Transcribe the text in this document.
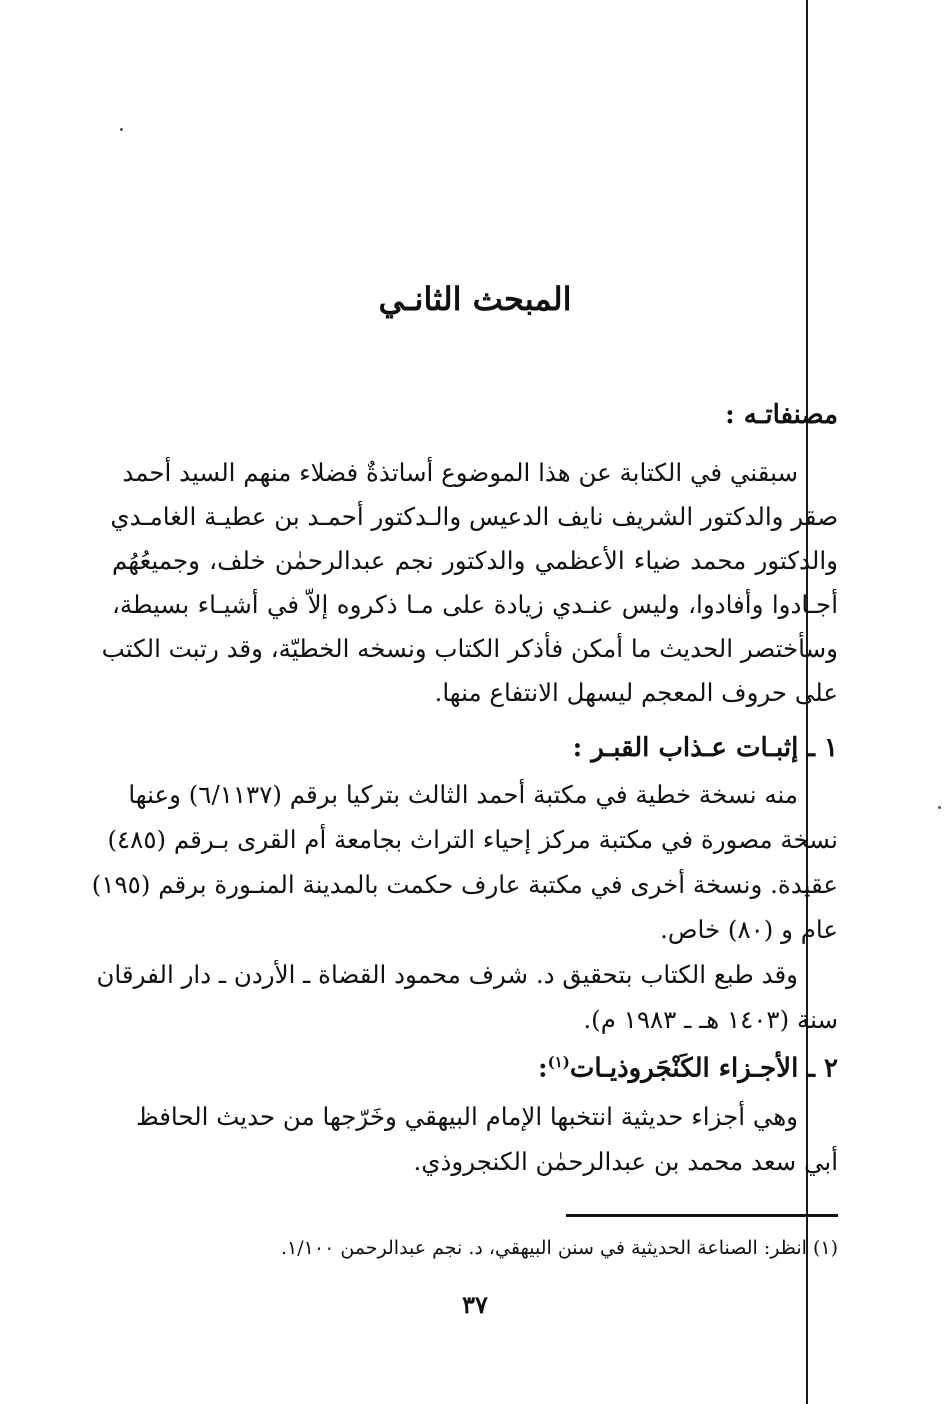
المبحث الثانـي
مصنفاتـه :
سبقني في الكتابة عن هذا الموضوع أساتذةٌ فضلاء منهم السيد أحمد
صقر والدكتور الشريف نايف الدعيس والـدكتور أحمـد بن عطيـة الغامـدي
والدكتور محمد ضياء الأعظمي والدكتور نجم عبدالرحمٰن خلف، وجميعُهُم
أجـادوا وأفادوا، وليس عنـدي زيادة على مـا ذكروه إلاّ في أشيـاء بسيطة،
وسأختصر الحديث ما أمكن فأذكر الكتاب ونسخه الخطيّة، وقد رتبت الكتب
على حروف المعجم ليسهل الانتفاع منها.
١ ـ إثبـات عـذاب القبـر :
منه نسخة خطية في مكتبة أحمد الثالث بتركيا برقم (٦/١١٣٧) وعنها
نسخة مصورة في مكتبة مركز إحياء التراث بجامعة أم القرى بـرقم (٤٨٥)
عقيدة. ونسخة أخرى في مكتبة عارف حكمت بالمدينة المنـورة برقم (١٩٥)
عام و (٨٠) خاص.
وقد طبع الكتاب بتحقيق د. شرف محمود القضاة ـ الأردن ـ دار الفرقان
سنة (١٤٠٣ هـ ـ ١٩٨٣ م).
٢ ـ الأجـزاء الكَنْجَروذيـات$^{(١)}$:
وهي أجزاء حديثية انتخبها الإمام البيهقي وخَرّجها من حديث الحافظ
أبي سعد محمد بن عبدالرحمٰن الكنجروذي.
(١) انظر: الصناعة الحديثية في سنن البيهقي، د. نجم عبدالرحمن ١/١٠٠.
٣٧
